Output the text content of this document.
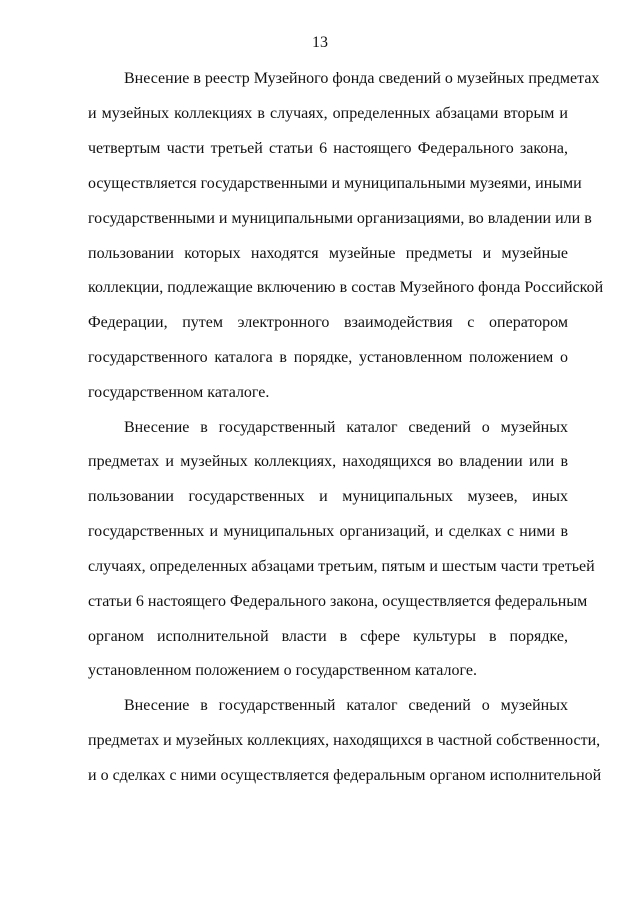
13
Внесение в реестр Музейного фонда сведений о музейных предметах
и музейных коллекциях в случаях, определенных абзацами вторым и
четвертым части третьей статьи 6 настоящего Федерального закона,
осуществляется государственными и муниципальными музеями, иными
государственными и муниципальными организациями, во владении или в
пользовании которых находятся музейные предметы и музейные
коллекции, подлежащие включению в состав Музейного фонда Российской
Федерации, путем электронного взаимодействия с оператором
государственного каталога в порядке, установленном положением о
государственном каталоге.
Внесение в государственный каталог сведений о музейных
предметах и музейных коллекциях, находящихся во владении или в
пользовании государственных и муниципальных музеев, иных
государственных и муниципальных организаций, и сделках с ними в
случаях, определенных абзацами третьим, пятым и шестым части третьей
статьи 6 настоящего Федерального закона, осуществляется федеральным
органом исполнительной власти в сфере культуры в порядке,
установленном положением о государственном каталоге.
Внесение в государственный каталог сведений о музейных
предметах и музейных коллекциях, находящихся в частной собственности,
и о сделках с ними осуществляется федеральным органом исполнительной
